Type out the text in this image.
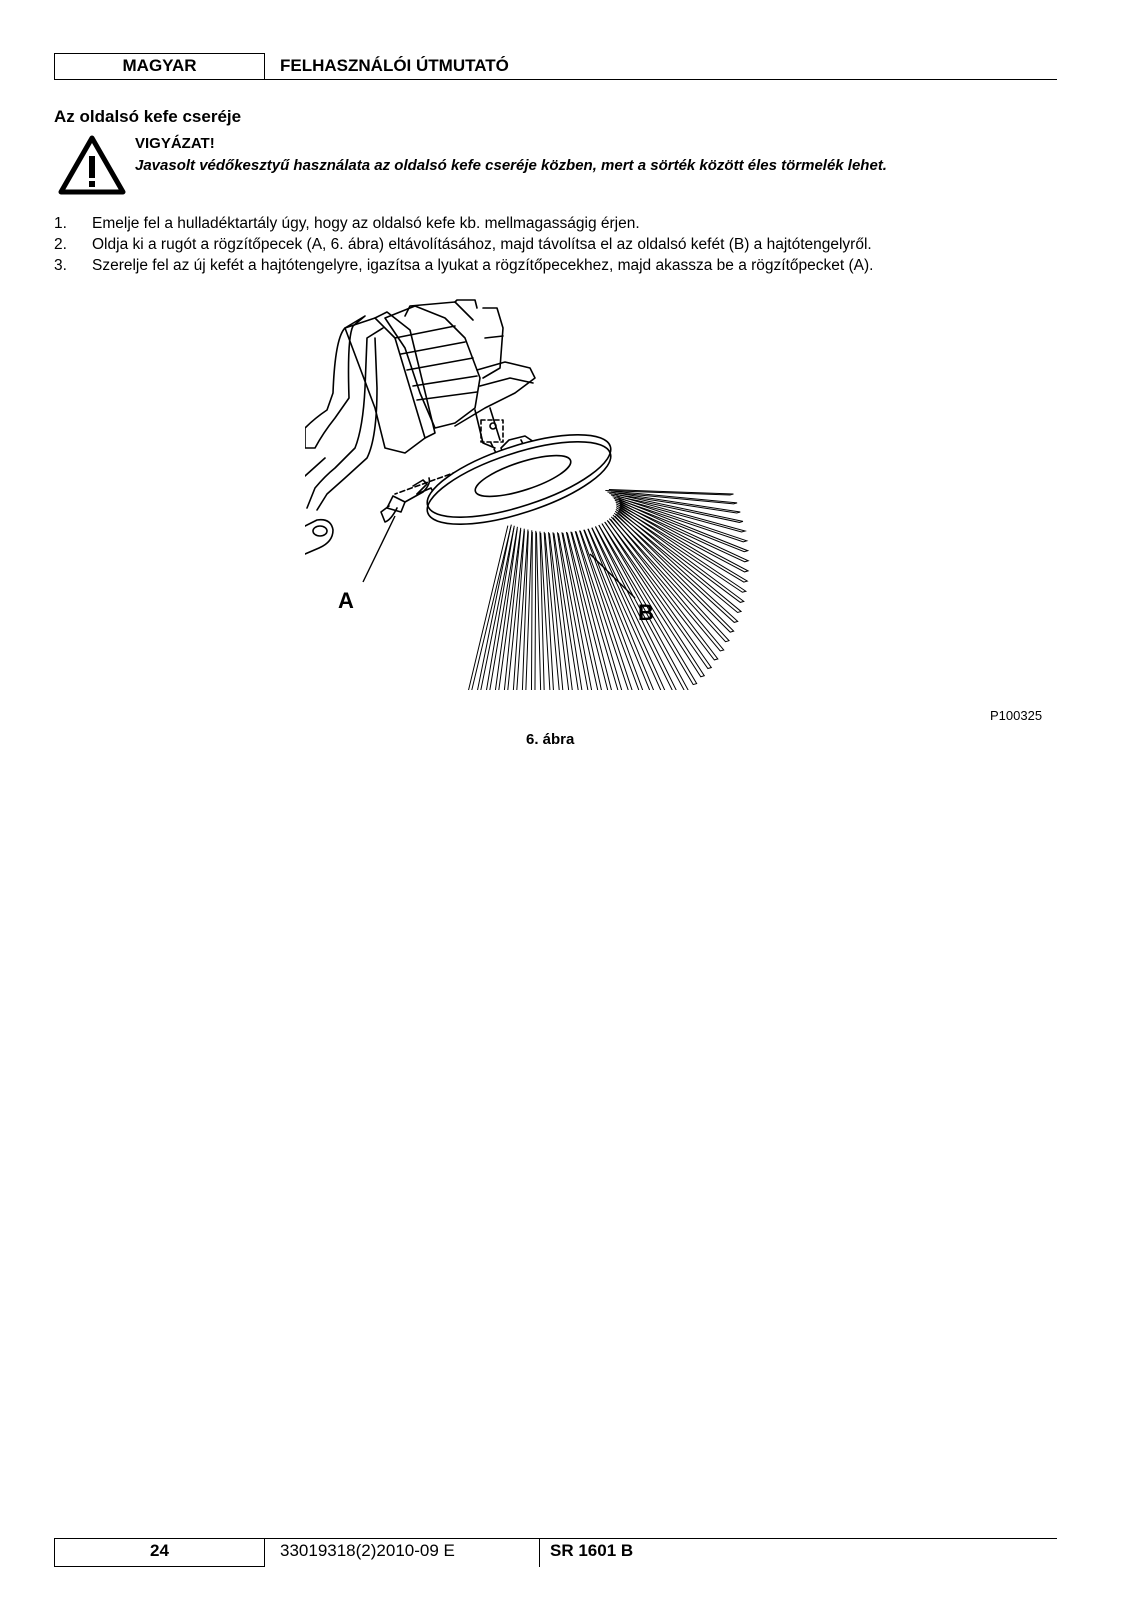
MAGYAR	FELHASZNÁLÓI ÚTMUTATÓ
Az oldalsó kefe cseréje
VIGYÁZAT!
Javasolt védőkesztyű használata az oldalsó kefe cseréje közben, mert a sörték között éles törmelék lehet.
1. Emelje fel a hulladéktartály úgy, hogy az oldalsó kefe kb. mellmagasságig érjen.
2. Oldja ki a rugót a rögzítőpecek (A, 6. ábra) eltávolításához, majd távolítsa el az oldalsó kefét (B) a hajtótengelyről.
3. Szerelje fel az új kefét a hajtótengelyre, igazítsa a lyukat a rögzítőpecekhez, majd akassza be a rögzítőpecket (A).
A	B
P100325
6. ábra
24	33019318(2)2010-09 E	SR 1601 B
